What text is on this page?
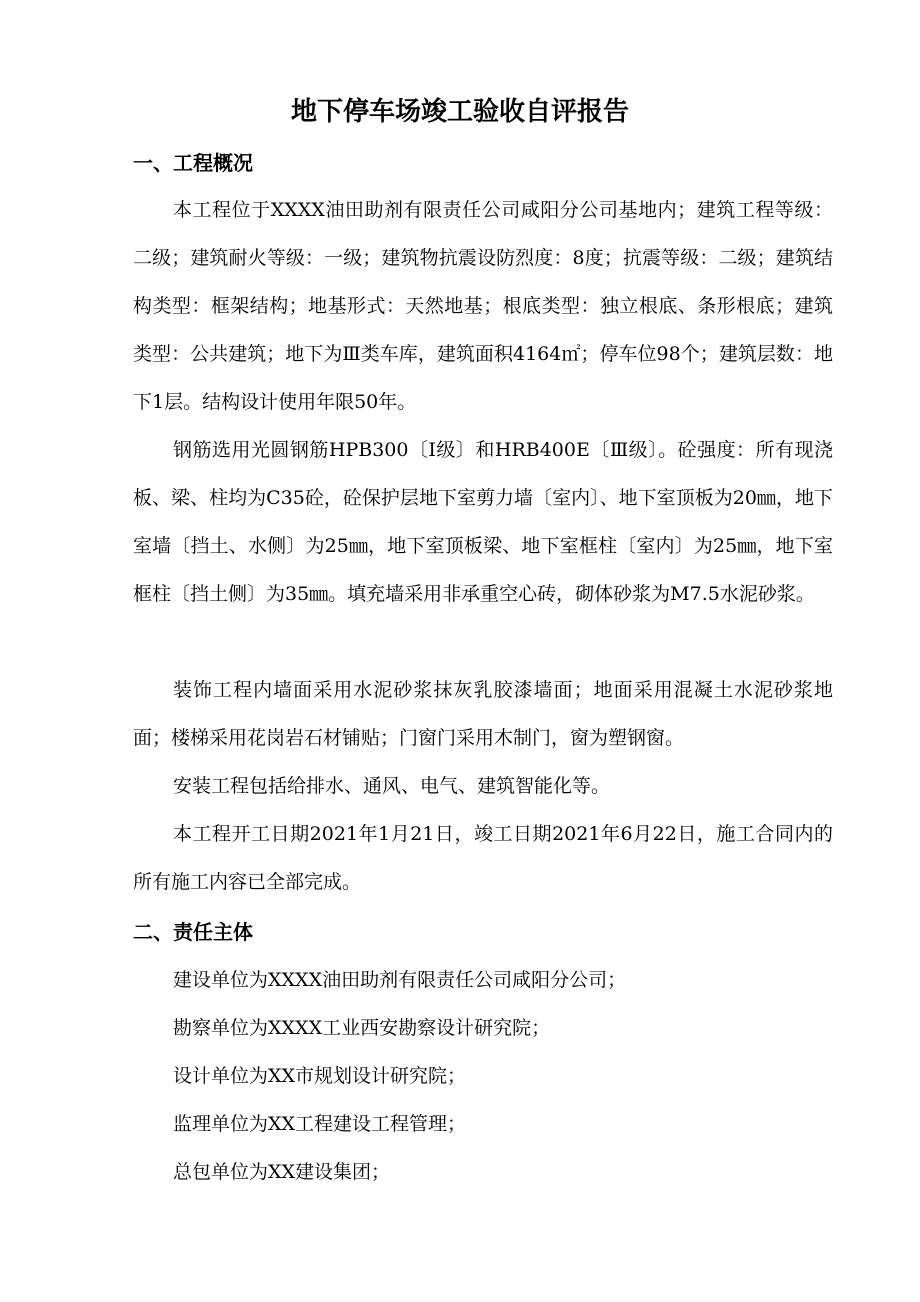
地下停车场竣工验收自评报告
一、工程概况

本工程位于XXXX油田助剂有限责任公司咸阳分公司基地内；建筑工程等级：二级；建筑耐火等级：一级；建筑物抗震设防烈度：8度；抗震等级：二级；建筑结构类型：框架结构；地基形式：天然地基；根底类型：独立根底、条形根底；建筑类型：公共建筑；地下为Ⅲ类车库，建筑面积4164㎡；停车位98个；建筑层数：地下1层。结构设计使用年限50年。

钢筋选用光圆钢筋HPB300〔Ⅰ级〕和HRB400E〔Ⅲ级〕。砼强度：所有现浇板、梁、柱均为C35砼，砼保护层地下室剪力墙〔室内〕、地下室顶板为20㎜，地下室墙〔挡土、水侧〕为25㎜，地下室顶板梁、地下室框柱〔室内〕为25㎜，地下室框柱〔挡土侧〕为35㎜。填充墙采用非承重空心砖，砌体砂浆为M7.5水泥砂浆。

装饰工程内墙面采用水泥砂浆抹灰乳胶漆墙面；地面采用混凝土水泥砂浆地面；楼梯采用花岗岩石材铺贴；门窗门采用木制门，窗为塑钢窗。

安装工程包括给排水、通风、电气、建筑智能化等。

本工程开工日期2021年1月21日，竣工日期2021年6月22日，施工合同内的所有施工内容已全部完成。

二、责任主体

建设单位为XXXX油田助剂有限责任公司咸阳分公司；

勘察单位为XXXX工业西安勘察设计研究院；

设计单位为XX市规划设计研究院；

监理单位为XX工程建设工程管理；

总包单位为XX建设集团；
